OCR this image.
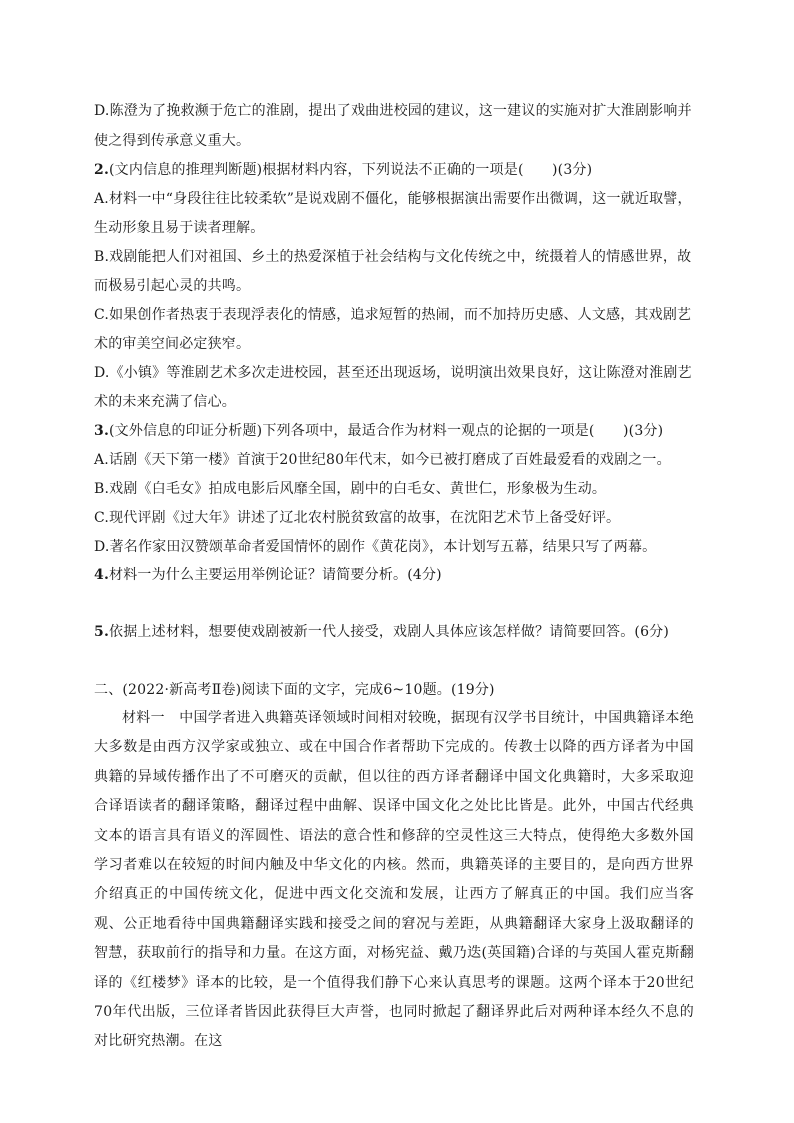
D.陈澄为了挽救濒于危亡的淮剧，提出了戏曲进校园的建议，这一建议的实施对扩大淮剧影响并
使之得到传承意义重大。
2.(文内信息的推理判断题)根据材料内容，下列说法不正确的一项是(　　)(3分)
A.材料一中“身段往往比较柔软”是说戏剧不僵化，能够根据演出需要作出微调，这一就近取譬，
生动形象且易于读者理解。
B.戏剧能把人们对祖国、乡土的热爱深植于社会结构与文化传统之中，统摄着人的情感世界，故
而极易引起心灵的共鸣。
C.如果创作者热衷于表现浮表化的情感，追求短暂的热闹，而不加持历史感、人文感，其戏剧艺
术的审美空间必定狭窄。
D.《小镇》等淮剧艺术多次走进校园，甚至还出现返场，说明演出效果良好，这让陈澄对淮剧艺
术的未来充满了信心。
3.(文外信息的印证分析题)下列各项中，最适合作为材料一观点的论据的一项是(　　)(3分)
A.话剧《天下第一楼》首演于20世纪80年代末，如今已被打磨成了百姓最爱看的戏剧之一。
B.戏剧《白毛女》拍成电影后风靡全国，剧中的白毛女、黄世仁，形象极为生动。
C.现代评剧《过大年》讲述了辽北农村脱贫致富的故事，在沈阳艺术节上备受好评。
D.著名作家田汉赞颂革命者爱国情怀的剧作《黄花岗》，本计划写五幕，结果只写了两幕。
4.材料一为什么主要运用举例论证？请简要分析。(4分)
5.依据上述材料，想要使戏剧被新一代人接受，戏剧人具体应该怎样做？请简要回答。(6分)
二、(2022·新高考Ⅱ卷)阅读下面的文字，完成6~10题。(19分)
材料一　中国学者进入典籍英译领域时间相对较晚，据现有汉学书目统计，中国典籍译本绝大多数是由西方汉学家或独立、或在中国合作者帮助下完成的。传教士以降的西方译者为中国典籍的异域传播作出了不可磨灭的贡献，但以往的西方译者翻译中国文化典籍时，大多采取迎合译语读者的翻译策略，翻译过程中曲解、误译中国文化之处比比皆是。此外，中国古代经典文本的语言具有语义的浑圆性、语法的意合性和修辞的空灵性这三大特点，使得绝大多数外国学习者难以在较短的时间内触及中华文化的内核。然而，典籍英译的主要目的，是向西方世界介绍真正的中国传统文化，促进中西文化交流和发展，让西方了解真正的中国。我们应当客观、公正地看待中国典籍翻译实践和接受之间的窘况与差距，从典籍翻译大家身上汲取翻译的智慧，获取前行的指导和力量。在这方面，对杨宪益、戴乃迭(英国籍)合译的与英国人霍克斯翻译的《红楼梦》译本的比较，是一个值得我们静下心来认真思考的课题。这两个译本于20世纪70年代出版，三位译者皆因此获得巨大声誉，也同时掀起了翻译界此后对两种译本经久不息的对比研究热潮。在这
